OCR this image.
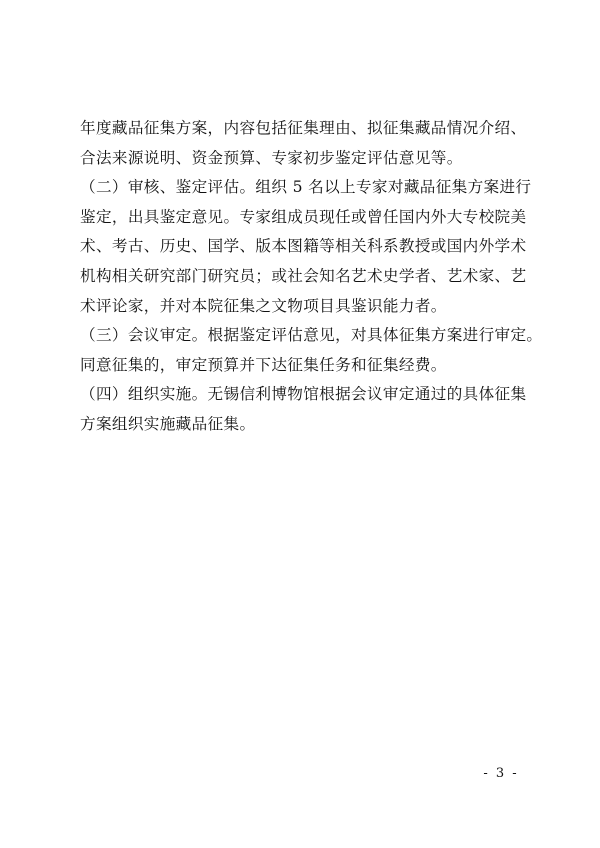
年度藏品征集方案，内容包括征集理由、拟征集藏品情况介绍、
合法来源说明、资金预算、专家初步鉴定评估意见等。
（二）审核、鉴定评估。组织 5 名以上专家对藏品征集方案进行
鉴定，出具鉴定意见。专家组成员现任或曾任国内外大专校院美
术、考古、历史、国学、版本图籍等相关科系教授或国内外学术
机构相关研究部门研究员；或社会知名艺术史学者、艺术家、艺
术评论家，并对本院征集之文物项目具鉴识能力者。
（三）会议审定。根据鉴定评估意见，对具体征集方案进行审定。
同意征集的，审定预算并下达征集任务和征集经费。
（四）组织实施。无锡信利博物馆根据会议审定通过的具体征集
方案组织实施藏品征集。
- 3 -
